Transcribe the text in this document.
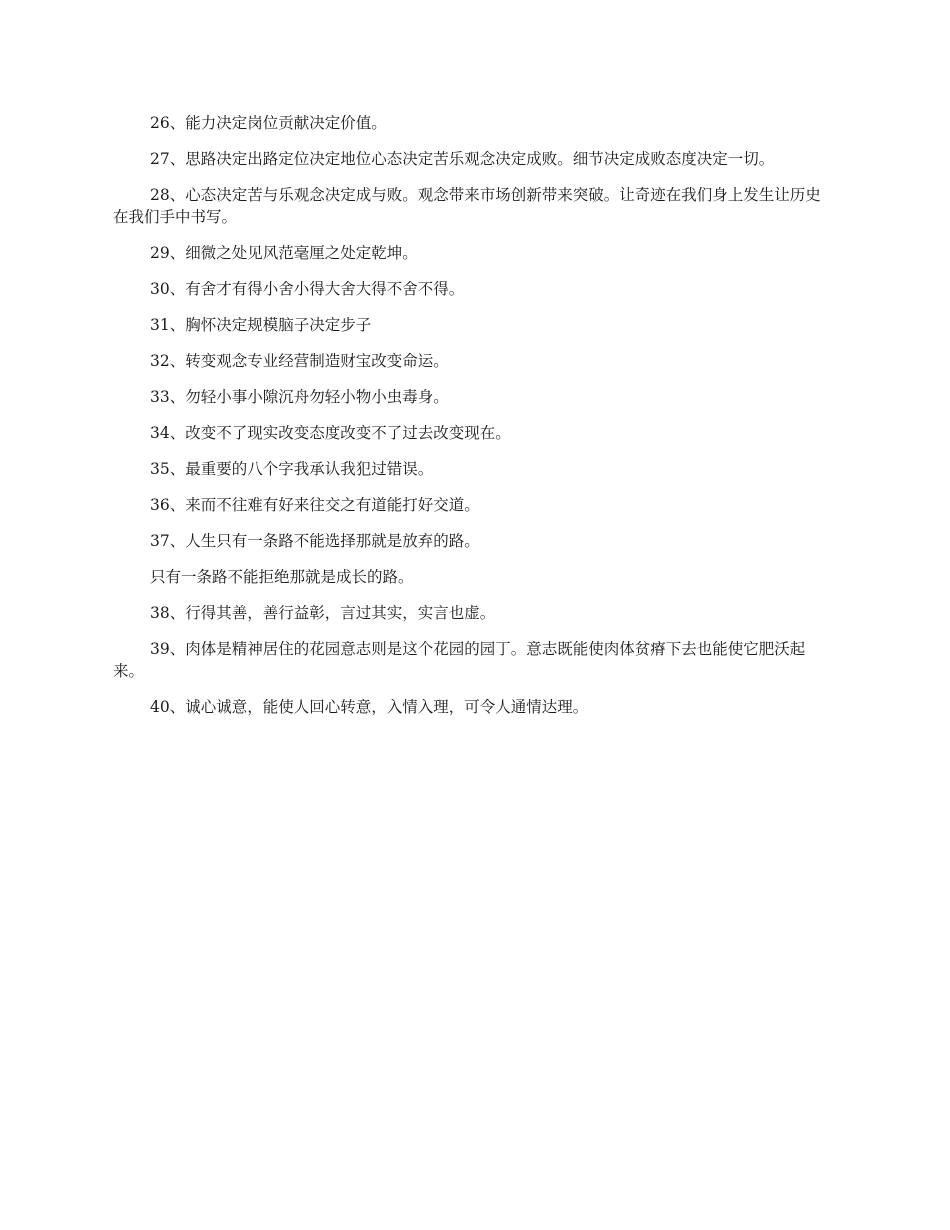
26、能力决定岗位贡献决定价值。

27、思路决定出路定位决定地位心态决定苦乐观念决定成败。细节决定成败态度决定一切。

28、心态决定苦与乐观念决定成与败。观念带来市场创新带来突破。让奇迹在我们身上发生让历史在我们手中书写。

29、细微之处见风范毫厘之处定乾坤。

30、有舍才有得小舍小得大舍大得不舍不得。

31、胸怀决定规模脑子决定步子

32、转变观念专业经营制造财宝改变命运。

33、勿轻小事小隙沉舟勿轻小物小虫毒身。

34、改变不了现实改变态度改变不了过去改变现在。

35、最重要的八个字我承认我犯过错误。

36、来而不往难有好来往交之有道能打好交道。

37、人生只有一条路不能选择那就是放弃的路。

只有一条路不能拒绝那就是成长的路。

38、行得其善，善行益彰，言过其实，实言也虚。

39、肉体是精神居住的花园意志则是这个花园的园丁。意志既能使肉体贫瘠下去也能使它肥沃起来。

40、诚心诚意，能使人回心转意，入情入理，可令人通情达理。
